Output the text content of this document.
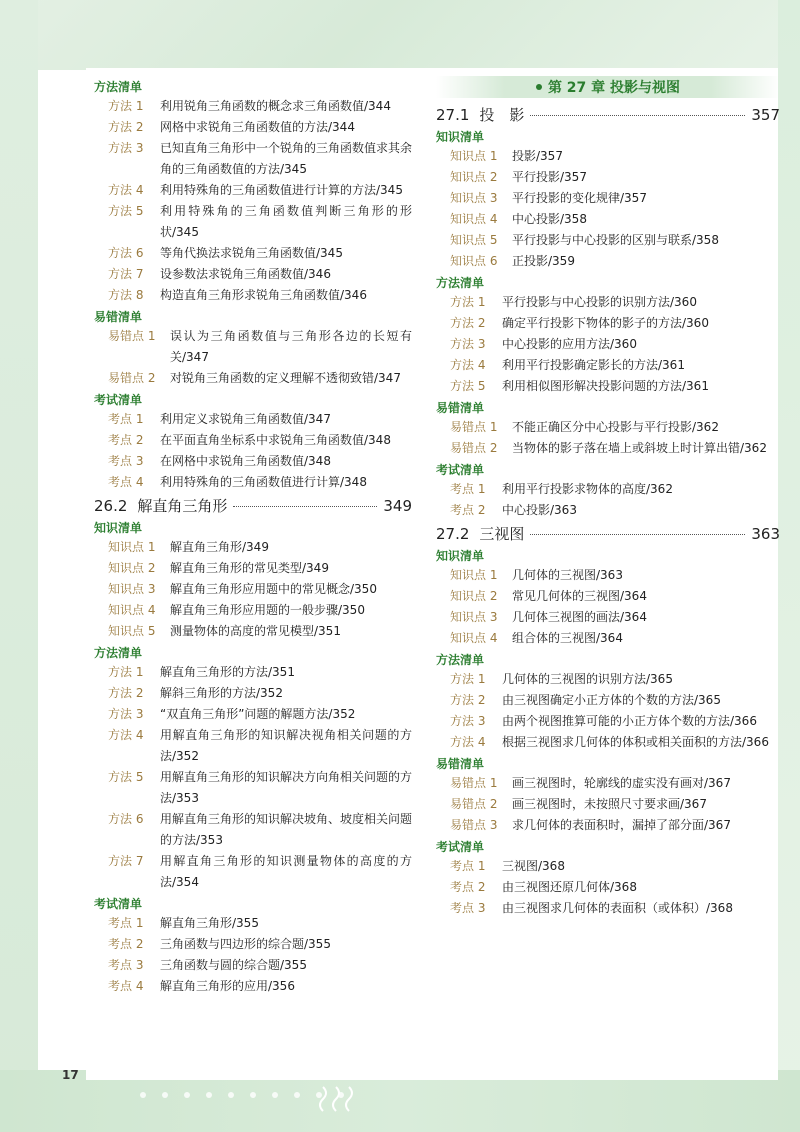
方法清单
方法 1	利用锐角三角函数的概念求三角函数值/344
方法 2	网格中求锐角三角函数值的方法/344
方法 3	已知直角三角形中一个锐角的三角函数值求其余角的三角函数值的方法/345
方法 4	利用特殊角的三角函数值进行计算的方法/345
方法 5	利用特殊角的三角函数值判断三角形的形状/345
方法 6	等角代换法求锐角三角函数值/345
方法 7	设参数法求锐角三角函数值/346
方法 8	构造直角三角形求锐角三角函数值/346
易错清单
易错点 1	误认为三角函数值与三角形各边的长短有关/347
易错点 2	对锐角三角函数的定义理解不透彻致错/347
考试清单
考点 1	利用定义求锐角三角函数值/347
考点 2	在平面直角坐标系中求锐角三角函数值/348
考点 3	在网格中求锐角三角函数值/348
考点 4	利用特殊角的三角函数值进行计算/348
26.2 解直角三角形	349
知识清单
知识点 1	解直角三角形/349
知识点 2	解直角三角形的常见类型/349
知识点 3	解直角三角形应用题中的常见概念/350
知识点 4	解直角三角形应用题的一般步骤/350
知识点 5	测量物体的高度的常见模型/351
方法清单
方法 1	解直角三角形的方法/351
方法 2	解斜三角形的方法/352
方法 3	“双直角三角形”问题的解题方法/352
方法 4	用解直角三角形的知识解决视角相关问题的方法/352
方法 5	用解直角三角形的知识解决方向角相关问题的方法/353
方法 6	用解直角三角形的知识解决坡角、坡度相关问题的方法/353
方法 7	用解直角三角形的知识测量物体的高度的方法/354
考试清单
考点 1	解直角三角形/355
考点 2	三角函数与四边形的综合题/355
考点 3	三角函数与圆的综合题/355
考点 4	解直角三角形的应用/356
第 27 章 投影与视图
27.1 投　影	357
知识清单
知识点 1	投影/357
知识点 2	平行投影/357
知识点 3	平行投影的变化规律/357
知识点 4	中心投影/358
知识点 5	平行投影与中心投影的区别与联系/358
知识点 6	正投影/359
方法清单
方法 1	平行投影与中心投影的识别方法/360
方法 2	确定平行投影下物体的影子的方法/360
方法 3	中心投影的应用方法/360
方法 4	利用平行投影确定影长的方法/361
方法 5	利用相似图形解决投影问题的方法/361
易错清单
易错点 1	不能正确区分中心投影与平行投影/362
易错点 2	当物体的影子落在墙上或斜坡上时计算出错/362
考试清单
考点 1	利用平行投影求物体的高度/362
考点 2	中心投影/363
27.2 三视图	363
知识清单
知识点 1	几何体的三视图/363
知识点 2	常见几何体的三视图/364
知识点 3	几何体三视图的画法/364
知识点 4	组合体的三视图/364
方法清单
方法 1	几何体的三视图的识别方法/365
方法 2	由三视图确定小正方体的个数的方法/365
方法 3	由两个视图推算可能的小正方体个数的方法/366
方法 4	根据三视图求几何体的体积或相关面积的方法/366
易错清单
易错点 1	画三视图时，轮廓线的虚实没有画对/367
易错点 2	画三视图时，未按照尺寸要求画/367
易错点 3	求几何体的表面积时，漏掉了部分面/367
考试清单
考点 1	三视图/368
考点 2	由三视图还原几何体/368
考点 3	由三视图求几何体的表面积（或体积）/368
17
